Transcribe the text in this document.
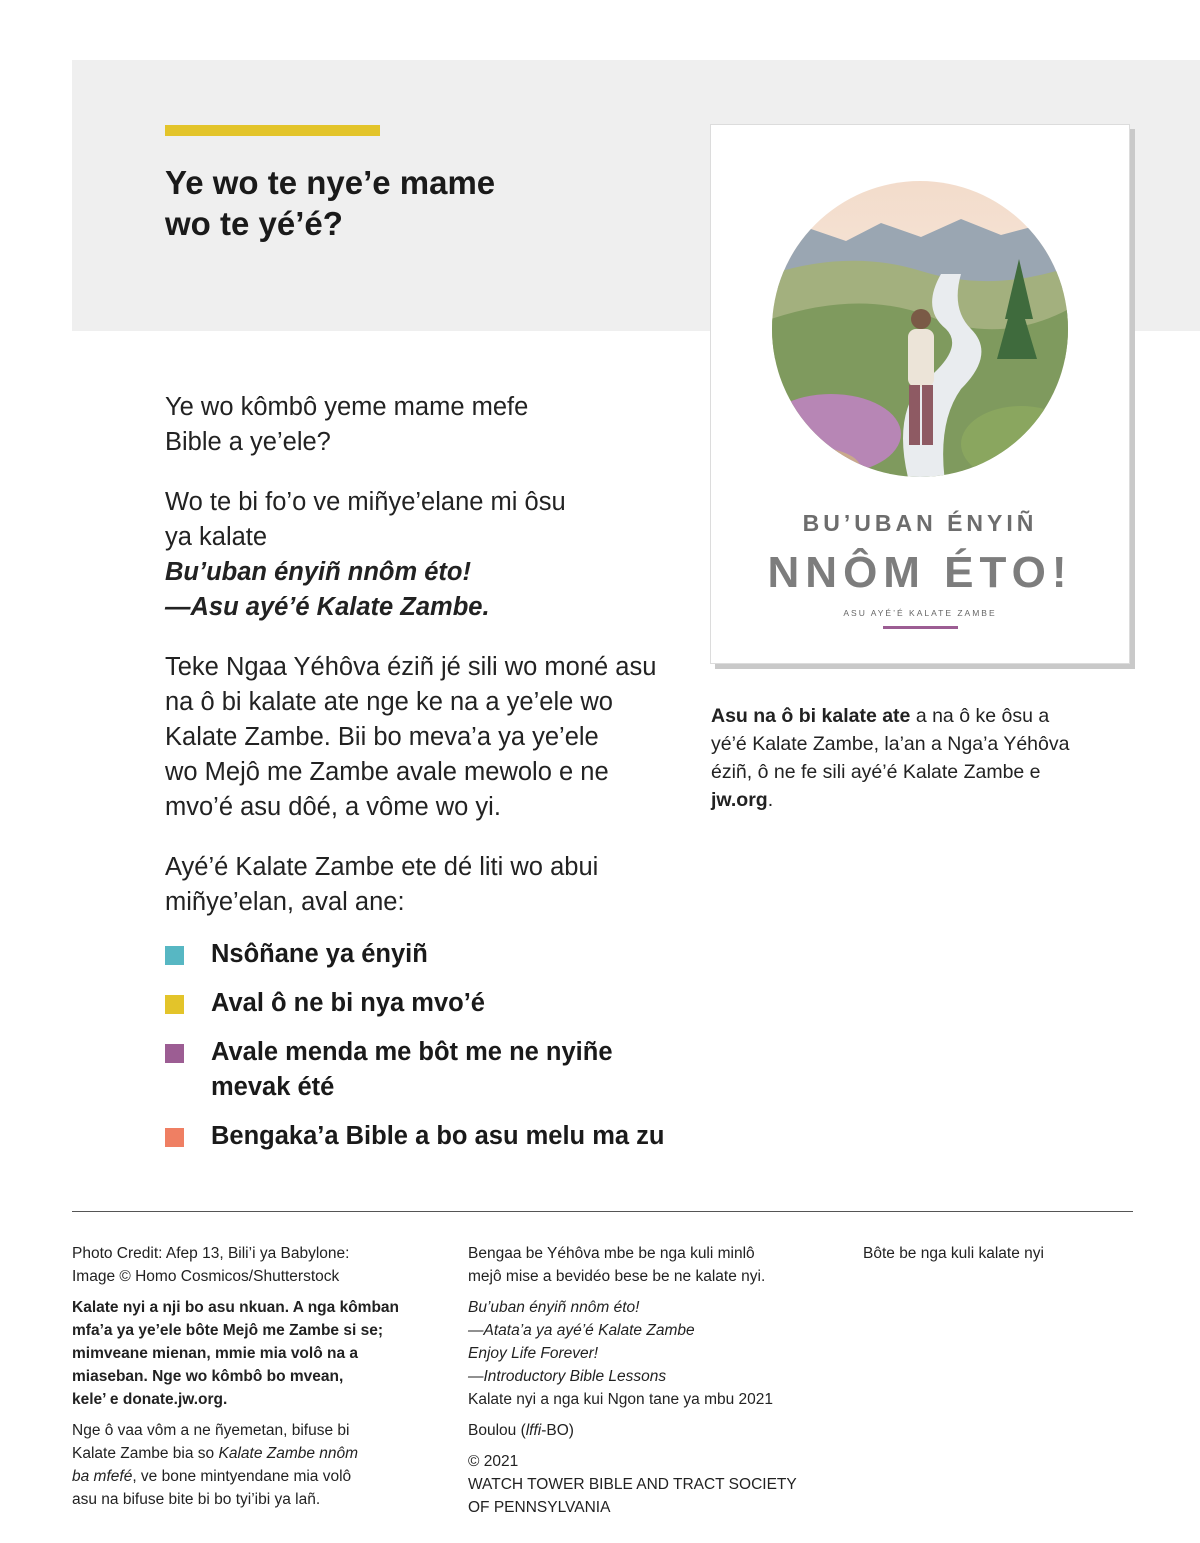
Ye wo te nye’e mame
wo te yé’é?

Ye wo kômbô yeme mame mefe
Bible a ye’ele?

Wo te bi fo’o ve miñye’elane mi ôsu
ya kalate
Bu’uban ényiñ nnôm éto!
—Asu ayé’é Kalate Zambe.

Teke Ngaa Yéhôva éziñ jé sili wo moné asu
na ô bi kalate ate nge ke na a ye’ele wo
Kalate Zambe. Bii bo meva’a ya ye’ele
wo Mejô me Zambe avale mewolo e ne
mvo’é asu dôé, a vôme wo yi.

Ayé’é Kalate Zambe ete dé liti wo abui
miñye’elan, aval ane:

Nsôñane ya ényiñ
Aval ô ne bi nya mvo’é
Avale menda me bôt me ne nyiñe
mevak été
Bengaka’a Bible a bo asu melu ma zu
BU’UBAN ÉNYIÑ
NNÔM ÉTO!
ASU AYÉ’É KALATE ZAMBE

Asu na ô bi kalate ate a na ô ke ôsu a
yé’é Kalate Zambe, la’an a Nga’a Yéhôva
éziñ, ô ne fe sili ayé’é Kalate Zambe e
jw.org.

Photo Credit: Afep 13, Bili’i ya Babylone:
Image © Homo Cosmicos/Shutterstock

Kalate nyi a nji bo asu nkuan. A nga kômban
mfa’a ya ye’ele bôte Mejô me Zambe si se;
mimveane mienan, mmie mia volô na a
miaseban. Nge wo kômbô bo mvean,
kele’ e donate.jw.org.

Nge ô vaa vôm a ne ñyemetan, bifuse bi
Kalate Zambe bia so Kalate Zambe nnôm
ba mfefé, ve bone mintyendane mia volô
asu na bifuse bite bi bo tyi’ibi ya lañ.

Bengaa be Yéhôva mbe be nga kuli minlô
mejô mise a bevidéo bese be ne kalate nyi.

Bu’uban ényiñ nnôm éto!
—Atata’a ya ayé’é Kalate Zambe
Enjoy Life Forever!
—Introductory Bible Lessons

Kalate nyi a nga kui Ngon tane ya mbu 2021

Boulou (lffi-BO)

© 2021
WATCH TOWER BIBLE AND TRACT SOCIETY
OF PENNSYLVANIA

Bôte be nga kuli kalate nyi
